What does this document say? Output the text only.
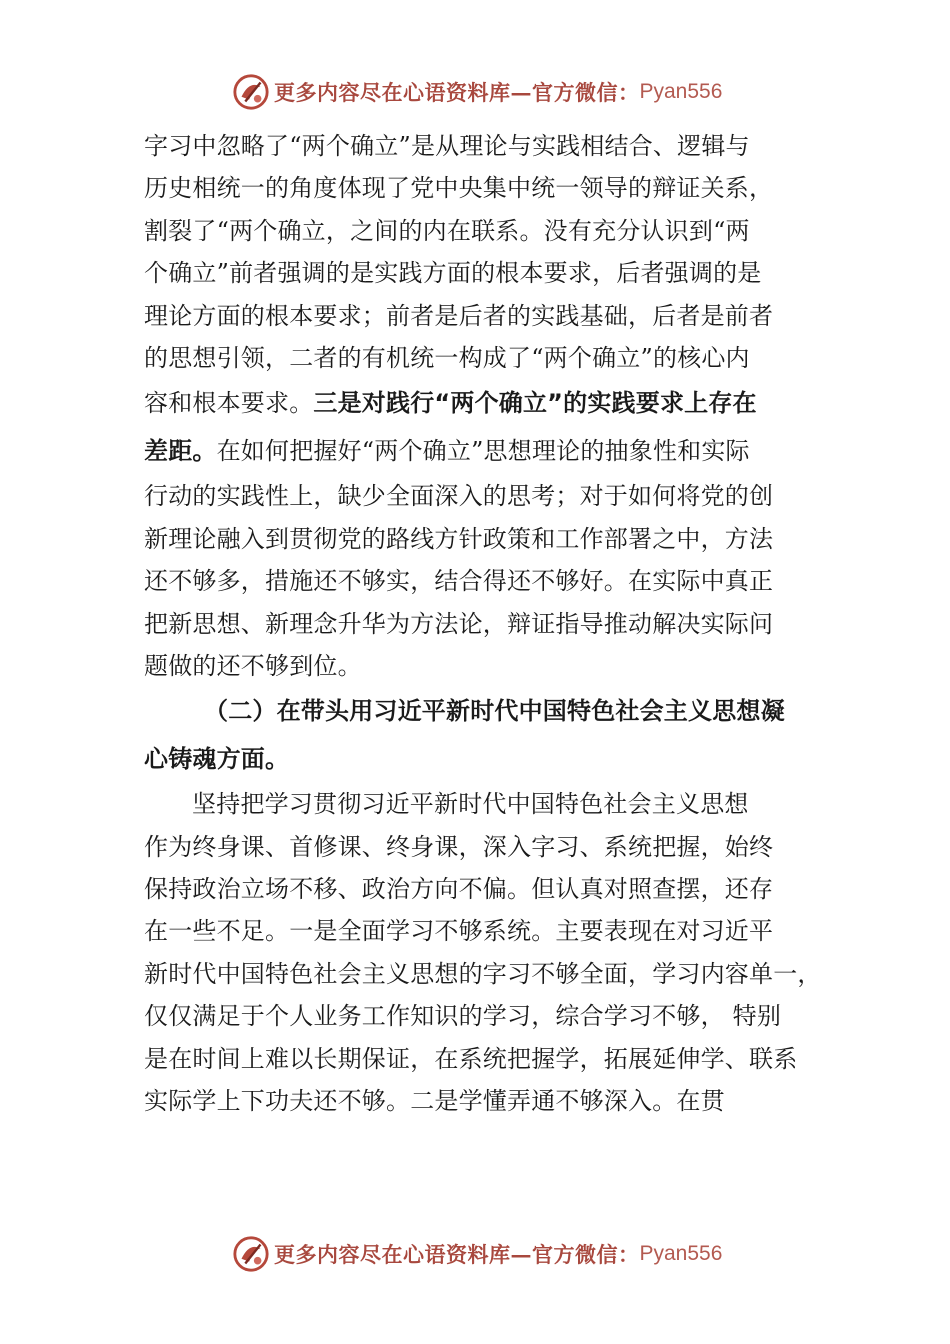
更多内容尽在心语资料库—官方微信： Pyan556
字习中忽略了“两个确立”是从理论与实践相结合、逻辑与
历史相统一的角度体现了党中央集中统一领导的辩证关系，
割裂了“两个确立，之间的内在联系。没有充分认识到“两
个确立”前者强调的是实践方面的根本要求，后者强调的是
理论方面的根本要求；前者是后者的实践基础，后者是前者
的思想引领，二者的有机统一构成了“两个确立”的核心内
容和根本要求。三是对践行“两个确立”的实践要求上存在
差距。在如何把握好“两个确立”思想理论的抽象性和实际
行动的实践性上，缺少全面深入的思考；对于如何将党的创
新理论融入到贯彻党的路线方针政策和工作部署之中，方法
还不够多，措施还不够实，结合得还不够好。在实际中真正
把新思想、新理念升华为方法论，辩证指导推动解决实际问
题做的还不够到位。
（二）在带头用习近平新时代中国特色社会主义思想凝
心铸魂方面。
坚持把学习贯彻习近平新时代中国特色社会主义思想
作为终身课、首修课、终身课，深入字习、系统把握，始终
保持政治立场不移、政治方向不偏。但认真对照查摆，还存
在一些不足。一是全面学习不够系统。主要表现在对习近平
新时代中国特色社会主义思想的字习不够全面，学习内容单一，
仅仅满足于个人业务工作知识的学习，综合学习不够， 特别
是在时间上难以长期保证，在系统把握学，拓展延伸学、联系
实际学上下功夫还不够。二是学懂弄通不够深入。在贯
更多内容尽在心语资料库—官方微信： Pyan556
